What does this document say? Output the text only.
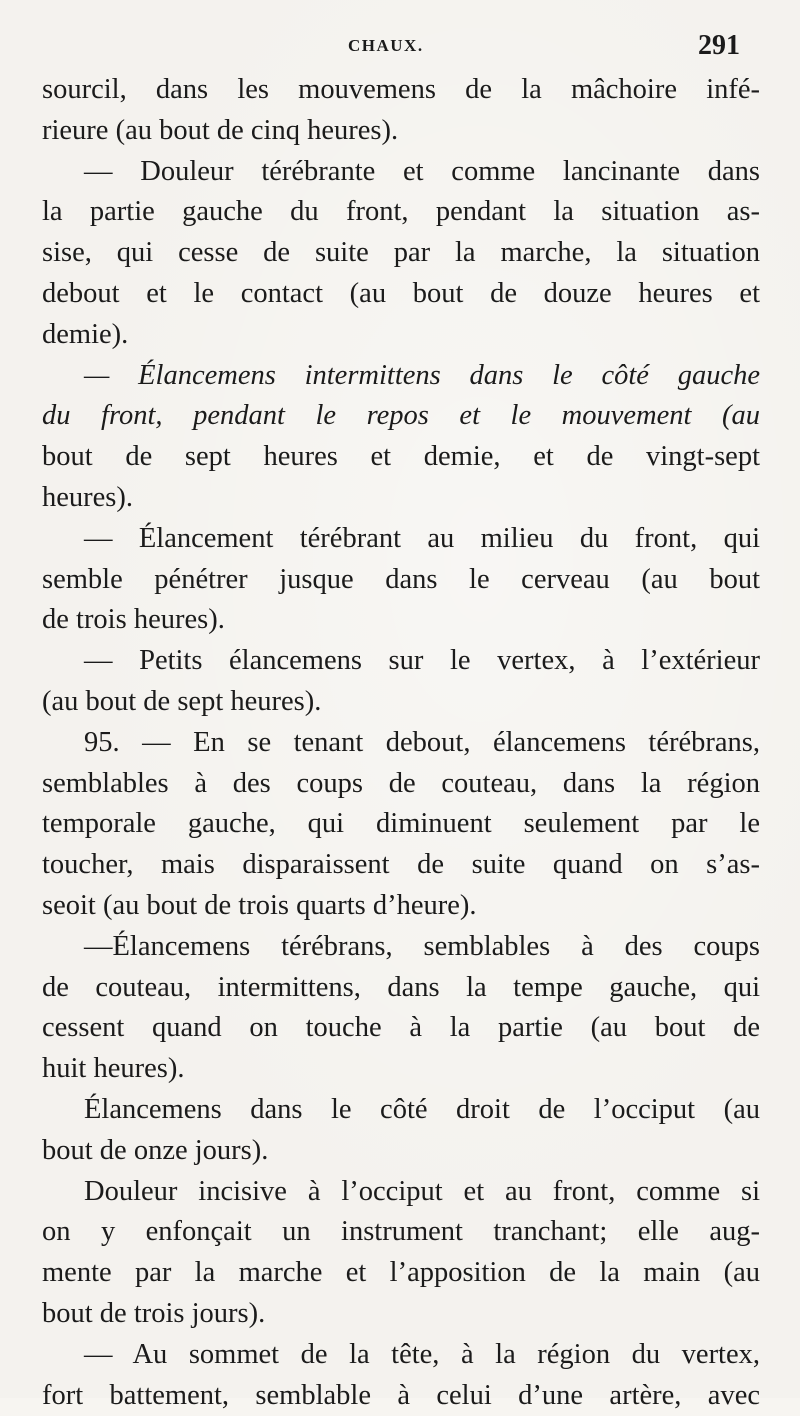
CHAUX.	291
sourcil, dans les mouvemens de la mâchoire infé-
rieure (au bout de cinq heures).
— Douleur térébrante et comme lancinante dans
la partie gauche du front, pendant la situation as-
sise, qui cesse de suite par la marche, la situation
debout et le contact (au bout de douze heures et
demie).
— Élancemens intermittens dans le côté gauche
du front, pendant le repos et le mouvement (au
bout de sept heures et demie, et de vingt-sept
heures).
— Élancement térébrant au milieu du front, qui
semble pénétrer jusque dans le cerveau (au bout
de trois heures).
— Petits élancemens sur le vertex, à l’extérieur
(au bout de sept heures).
95. — En se tenant debout, élancemens térébrans,
semblables à des coups de couteau, dans la région
temporale gauche, qui diminuent seulement par le
toucher, mais disparaissent de suite quand on s’as-
seoit (au bout de trois quarts d’heure).
—Élancemens térébrans, semblables à des coups
de couteau, intermittens, dans la tempe gauche, qui
cessent quand on touche à la partie (au bout de
huit heures).
Élancemens dans le côté droit de l’occiput (au
bout de onze jours).
Douleur incisive à l’occiput et au front, comme si
on y enfonçait un instrument tranchant; elle aug-
mente par la marche et l’apposition de la main (au
bout de trois jours).
— Au sommet de la tête, à la région du vertex,
fort battement, semblable à celui d’une artère, avec
